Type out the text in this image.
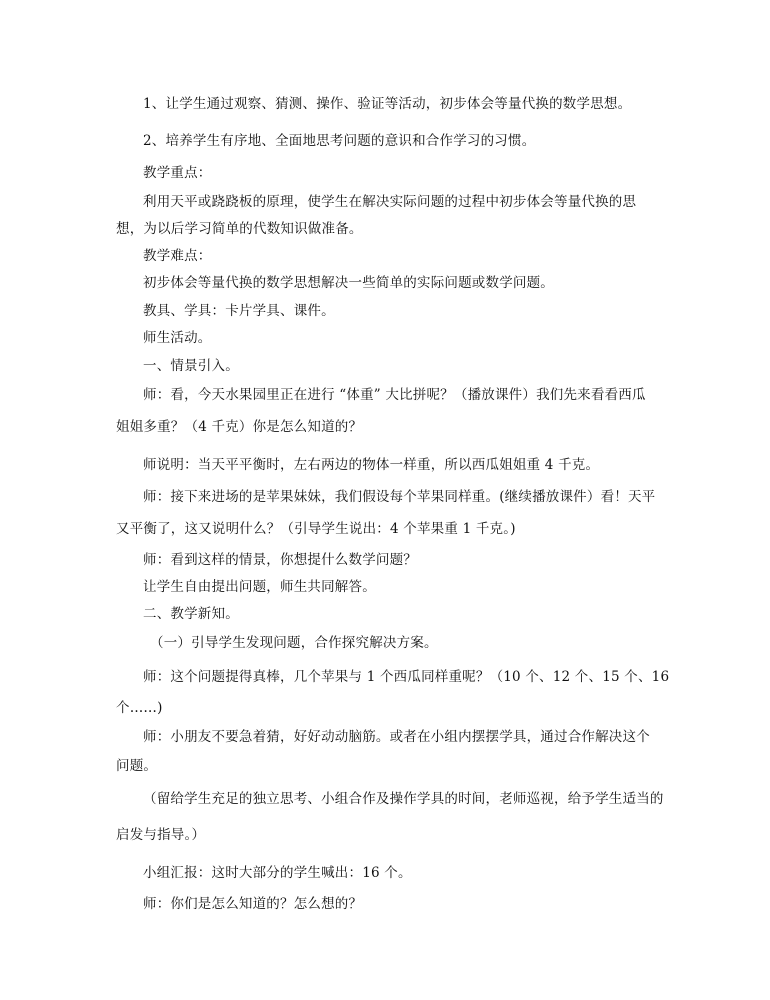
1、让学生通过观察、猜测、操作、验证等活动，初步体会等量代换的数学思想。
2、培养学生有序地、全面地思考问题的意识和合作学习的习惯。
教学重点：
利用天平或跷跷板的原理，使学生在解决实际问题的过程中初步体会等量代换的思
想，为以后学习简单的代数知识做准备。
教学难点：
初步体会等量代换的数学思想解决一些简单的实际问题或数学问题。
教具、学具：卡片学具、课件。
师生活动。
一、情景引入。
师：看，今天水果园里正在进行 “体重” 大比拼呢？（播放课件）我们先来看看西瓜
姐姐多重？（4 千克）你是怎么知道的？
师说明：当天平平衡时，左右两边的物体一样重，所以西瓜姐姐重 4 千克。
师：接下来进场的是苹果妹妹，我们假设每个苹果同样重。(继续播放课件）看！天平
又平衡了，这又说明什么？（引导学生说出：4 个苹果重 1 千克。)
师：看到这样的情景，你想提什么数学问题？
让学生自由提出问题，师生共同解答。
二、教学新知。
（一）引导学生发现问题，合作探究解决方案。
师：这个问题提得真棒，几个苹果与 1 个西瓜同样重呢？（10 个、12 个、15 个、16
个……)
师：小朋友不要急着猜，好好动动脑筋。或者在小组内摆摆学具，通过合作解决这个
问题。
（留给学生充足的独立思考、小组合作及操作学具的时间，老师巡视，给予学生适当的
启发与指导。）
小组汇报：这时大部分的学生喊出：16 个。
师：你们是怎么知道的？怎么想的？
